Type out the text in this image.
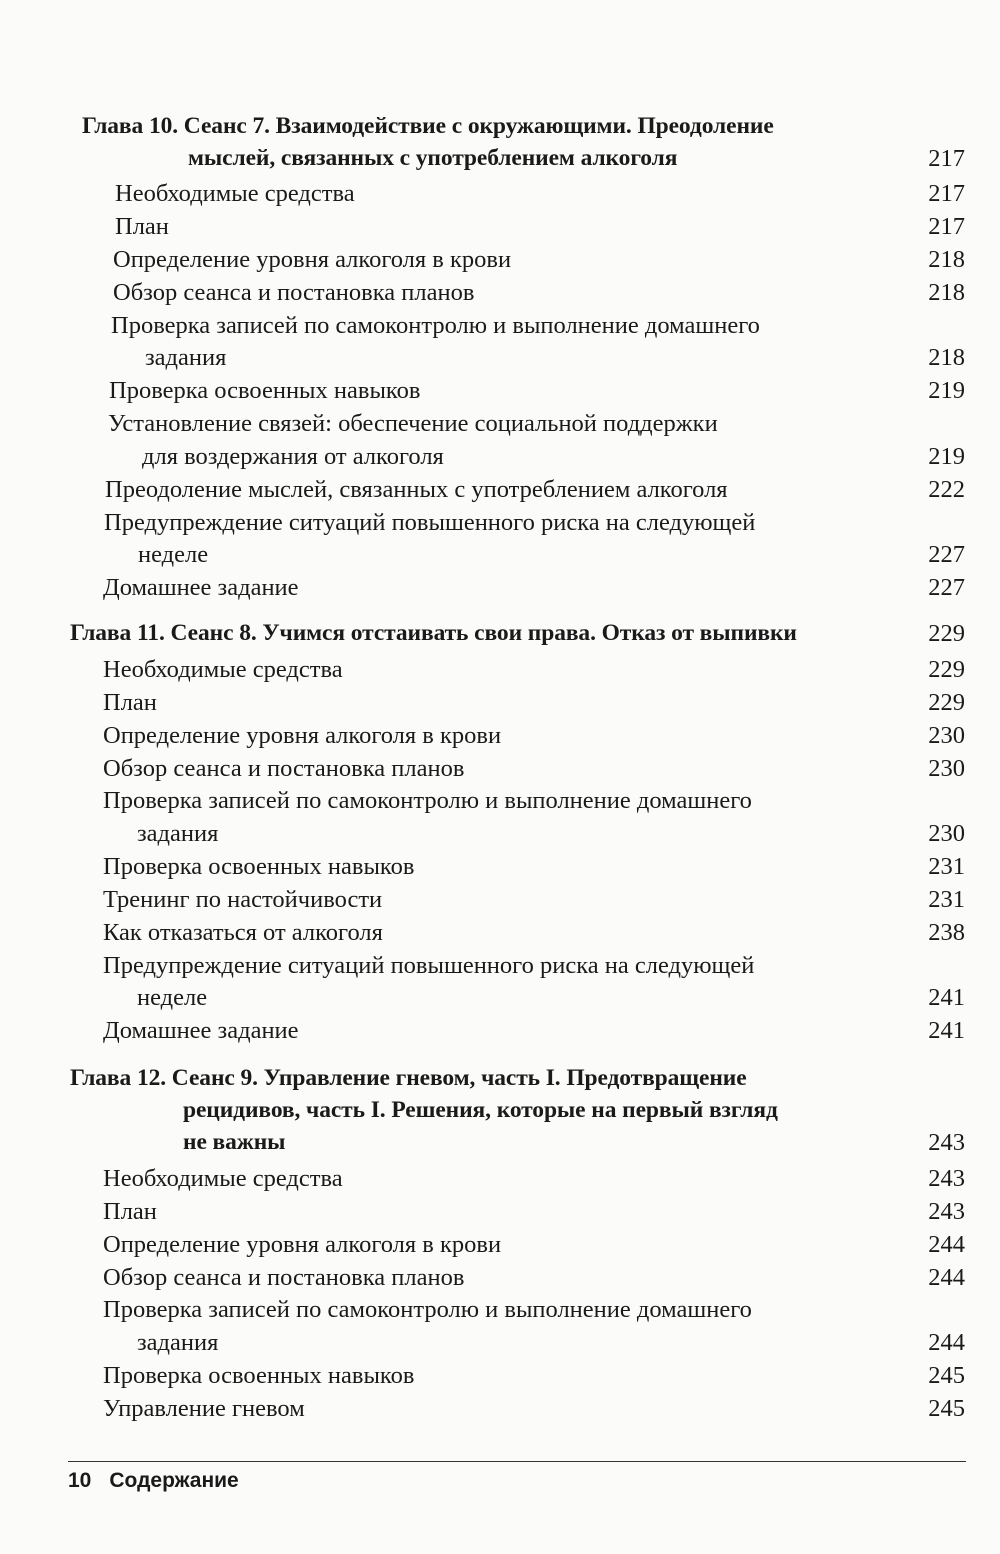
Глава 10. Сеанс 7. Взаимодействие с окружающими. Преодоление
мыслей, связанных с употреблением алкоголя	217
Необходимые средства	217
План	217
Определение уровня алкоголя в крови	218
Обзор сеанса и постановка планов	218
Проверка записей по самоконтролю и выполнение домашнего
задания	218
Проверка освоенных навыков	219
Установление связей: обеспечение социальной поддержки
для воздержания от алкоголя	219
Преодоление мыслей, связанных с употреблением алкоголя	222
Предупреждение ситуаций повышенного риска на следующей
неделе	227
Домашнее задание	227
Глава 11. Сеанс 8. Учимся отстаивать свои права. Отказ от выпивки	229
Необходимые средства	229
План	229
Определение уровня алкоголя в крови	230
Обзор сеанса и постановка планов	230
Проверка записей по самоконтролю и выполнение домашнего
задания	230
Проверка освоенных навыков	231
Тренинг по настойчивости	231
Как отказаться от алкоголя	238
Предупреждение ситуаций повышенного риска на следующей
неделе	241
Домашнее задание	241
Глава 12. Сеанс 9. Управление гневом, часть I. Предотвращение
рецидивов, часть I. Решения, которые на первый взгляд
не важны	243
Необходимые средства	243
План	243
Определение уровня алкоголя в крови	244
Обзор сеанса и постановка планов	244
Проверка записей по самоконтролю и выполнение домашнего
задания	244
Проверка освоенных навыков	245
Управление гневом	245
10 Содержание
